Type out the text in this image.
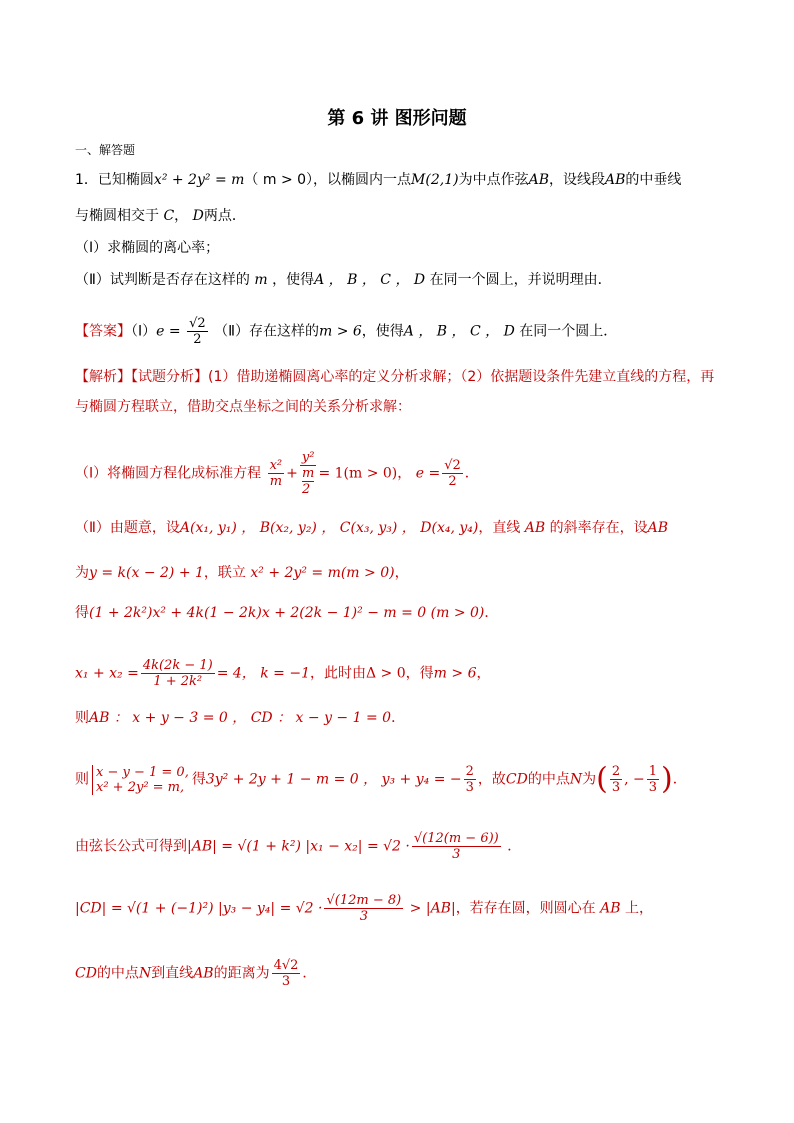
第 6 讲 图形问题
一、解答题
1．已知椭圆x² + 2y² = m（ m > 0），以椭圆内一点M(2,1)为中点作弦AB，设线段AB的中垂线
与椭圆相交于 C， D两点．
（Ⅰ）求椭圆的离心率；
（Ⅱ）试判断是否存在这样的 m ，使得A ， B ， C ， D 在同一个圆上，并说明理由．
【答案】（Ⅰ）e = $\frac{√2}{2}$ （Ⅱ）存在这样的m > 6，使得A ， B ， C ， D 在同一个圆上．
【解析】【试题分析】(1）借助递椭圆离心率的定义分析求解；（2）依据题设条件先建立直线的方程，再
与椭圆方程联立，借助交点坐标之间的关系分析求解：
（Ⅰ）将椭圆方程化成标准方程 $\frac{\text{x²}}{m} + y^2$
m
2 = 1(m > 0)， $e = \frac{√2}{2}$ ．
（Ⅱ）由题意，设A(x₁, y₁) ， B(x₂, y₂) ， C(x₃, y₃) ， D(x₄, y₄)，直线 AB 的斜率存在，设AB
为y = k(x − 2) + 1，联立 x² + 2y² = m(m > 0)，
得(1 + 2k²)x² + 4k(1 − 2k)x + 2(2k − 1)² − m = 0 (m > 0)．
$x_1 + x_2 = \frac{4k(2k - 1)}{\text{1 + 2k²}} = 4$， k = −1，此时由Δ > 0，得m > 6，
则AB ： x + y − 3 = 0 ， CD ： x − y − 1 = 0．
则 x − y − 1 = 0,
x² + 2y² = m, 得3y² + 2y + 1 − m = 0 ， y₃ + y₄ = − $\frac{2}{3}$ ，故CD的中点N为( $\frac{2}{3}$ , − $\frac{1}{3}$ )．
由弦长公式可得到|AB| = √(1 + k²) $|x_1 - x_2| = √2 \cdot \frac{√(12(m - 6))}{3}$ ．
|CD| = √(1 + (−1)²) $|y_3 - y_4| = √2 \cdot \frac{√(12m - 8)}{3} > |AB|$，若存在圆，则圆心在 AB 上，
CD的中点N到直线AB的距离为 $\frac{4√2}{3}$ ．
